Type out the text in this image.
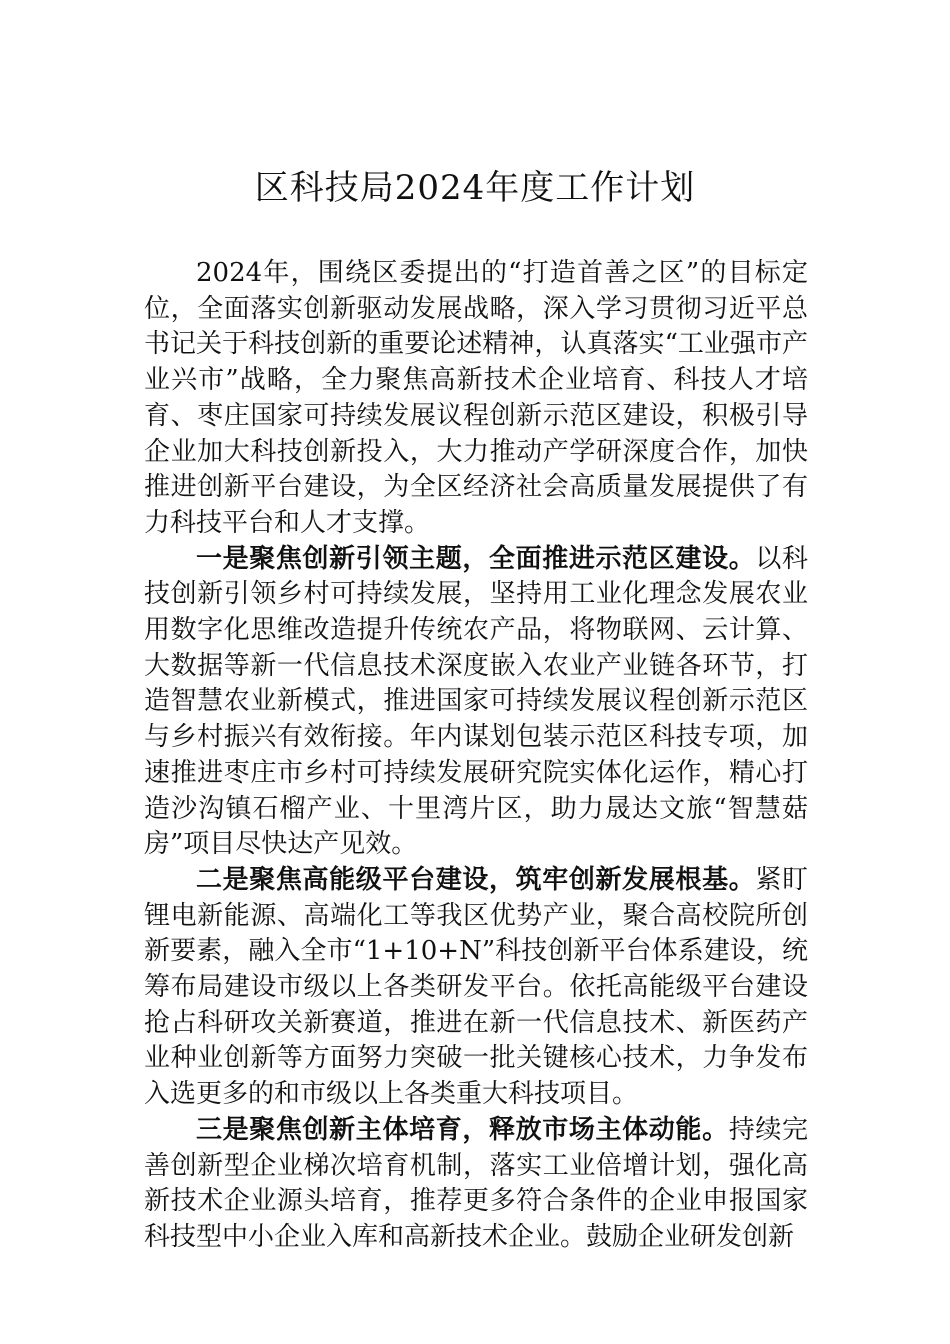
区科技局2024年度工作计划

2024年，围绕区委提出的“打造首善之区”的目标定位，全面落实创新驱动发展战略，深入学习贯彻习近平总书记关于科技创新的重要论述精神，认真落实“工业强市产业兴市”战略，全力聚焦高新技术企业培育、科技人才培育、枣庄国家可持续发展议程创新示范区建设，积极引导企业加大科技创新投入，大力推动产学研深度合作，加快推进创新平台建设，为全区经济社会高质量发展提供了有力科技平台和人才支撑。

一是聚焦创新引领主题，全面推进示范区建设。以科技创新引领乡村可持续发展，坚持用工业化理念发展农业用数字化思维改造提升传统农产品，将物联网、云计算、大数据等新一代信息技术深度嵌入农业产业链各环节，打造智慧农业新模式，推进国家可持续发展议程创新示范区与乡村振兴有效衔接。年内谋划包装示范区科技专项，加速推进枣庄市乡村可持续发展研究院实体化运作，精心打造沙沟镇石榴产业、十里湾片区，助力晟达文旅“智慧菇房”项目尽快达产见效。

二是聚焦高能级平台建设，筑牢创新发展根基。紧盯锂电新能源、高端化工等我区优势产业，聚合高校院所创新要素，融入全市“1+10+N”科技创新平台体系建设，统筹布局建设市级以上各类研发平台。依托高能级平台建设抢占科研攻关新赛道，推进在新一代信息技术、新医药产业种业创新等方面努力突破一批关键核心技术，力争发布入选更多的和市级以上各类重大科技项目。

三是聚焦创新主体培育，释放市场主体动能。持续完善创新型企业梯次培育机制，落实工业倍增计划，强化高新技术企业源头培育，推荐更多符合条件的企业申报国家科技型中小企业入库和高新技术企业。鼓励企业研发创新
